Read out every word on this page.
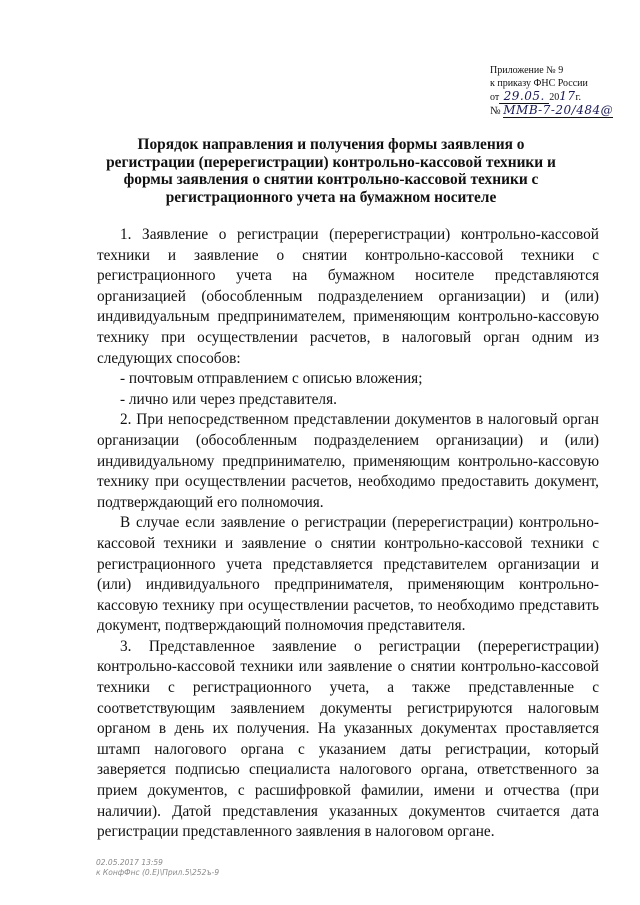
Приложение № 9
к приказу ФНС России
от 29.05. 2017г.
№ ММВ-7-20/484@
Порядок направления и получения формы заявления о регистрации (перерегистрации) контрольно-кассовой техники и формы заявления о снятии контрольно-кассовой техники с регистрационного учета на бумажном носителе

1. Заявление о регистрации (перерегистрации) контрольно-кассовой техники и заявление о снятии контрольно-кассовой техники с регистрационного учета на бумажном носителе представляются организацией (обособленным подразделением организации) и (или) индивидуальным предпринимателем, применяющим контрольно-кассовую технику при осуществлении расчетов, в налоговый орган одним из следующих способов:

- почтовым отправлением с описью вложения;

- лично или через представителя.

2. При непосредственном представлении документов в налоговый орган организации (обособленным подразделением организации) и (или) индивидуальному предпринимателю, применяющим контрольно-кассовую технику при осуществлении расчетов, необходимо предоставить документ, подтверждающий его полномочия.

В случае если заявление о регистрации (перерегистрации) контрольно-кассовой техники и заявление о снятии контрольно-кассовой техники с регистрационного учета представляется представителем организации и (или) индивидуального предпринимателя, применяющим контрольно-кассовую технику при осуществлении расчетов, то необходимо представить документ, подтверждающий полномочия представителя.

3. Представленное заявление о регистрации (перерегистрации) контрольно-кассовой техники или заявление о снятии контрольно-кассовой техники с регистрационного учета, а также представленные с соответствующим заявлением документы регистрируются налоговым органом в день их получения. На указанных документах проставляется штамп налогового органа с указанием даты регистрации, который заверяется подписью специалиста налогового органа, ответственного за прием документов, с расшифровкой фамилии, имени и отчества (при наличии). Датой представления указанных документов считается дата регистрации представленного заявления в налоговом органе.

02.05.2017 13:59
к КонфФнс (0.E)\Прил.5\252ъ-9
